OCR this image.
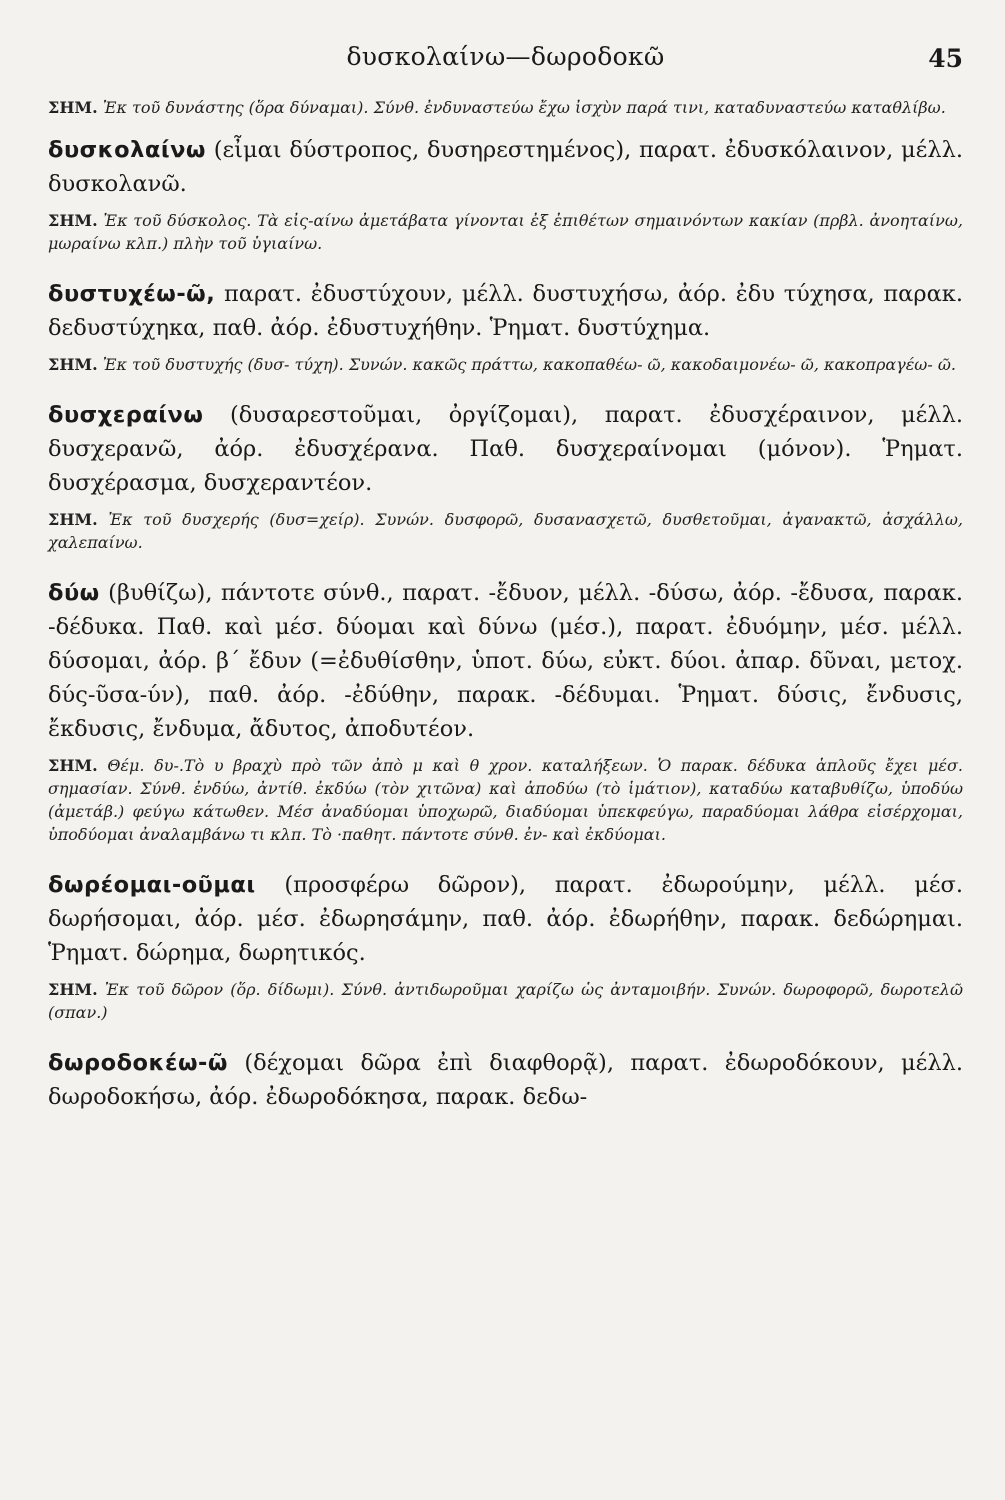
δυσκολαίνω—δωροδοκῶ	45

ΣΗΜ. Ἐκ τοῦ δυνάστης (ὅρα δύναμαι). Σύνθ. ἐνδυναστεύω ἔχω ἰσχὺν παρά τινι, καταδυναστεύω καταθλίβω.

δυσκολαίνω (εἶμαι δύστροπος, δυσηρεστημένος), παρατ. ἐδυσκόλαινον, μέλλ. δυσκολανῶ.

ΣΗΜ. Ἐκ τοῦ δύσκολος. Τὰ εἰς-αίνω ἀμετάβατα γίνονται ἐξ ἐπιθέτων σημαινόντων κακίαν (πρβλ. ἀνοηταίνω, μωραίνω κλπ.) πλὴν τοῦ ὑγιαίνω.

δυστυχέω-ῶ, παρατ. ἐδυστύχουν, μέλλ. δυστυχήσω, ἀόρ. ἐδυ τύχησα, παρακ. δεδυστύχηκα, παθ. ἀόρ. ἐδυστυχήθην. Ῥηματ. δυστύχημα.

ΣΗΜ. Ἐκ τοῦ δυστυχής (δυσ- τύχη). Συνών. κακῶς πράττω, κακοπαθέω- ῶ, κακοδαιμονέω- ῶ, κακοπραγέω- ῶ.

δυσχεραίνω (δυσαρεστοῦμαι, ὀργίζομαι), παρατ. ἐδυσχέραινον, μέλλ. δυσχερανῶ, ἀόρ. ἐδυσχέρανα. Παθ. δυσχεραίνομαι (μόνον). Ῥηματ. δυσχέρασμα, δυσχεραντέον.

ΣΗΜ. Ἐκ τοῦ δυσχερής (δυσ=χείρ). Συνών. δυσφορῶ, δυσανασχετῶ, δυσθετοῦμαι, ἀγανακτῶ, ἀσχάλλω, χαλεπαίνω.

δύω (βυθίζω), πάντοτε σύνθ., παρατ. -ἔδυον, μέλλ. -δύσω, ἀόρ. -ἔδυσα, παρακ. -δέδυκα. Παθ. καὶ μέσ. δύομαι καὶ δύνω (μέσ.), παρατ. ἐδυόμην, μέσ. μέλλ. δύσομαι, ἀόρ. β΄ ἔδυν (=ἐδυθίσθην, ὑποτ. δύω, εὐκτ. δύοι. ἀπαρ. δῦναι, μετοχ. δύς-ῦσα-ύν), παθ. ἀόρ. -ἐδύθην, παρακ. -δέδυμαι. Ῥηματ. δύσις, ἔνδυσις, ἔκδυσις, ἔνδυμα, ἄδυτος, ἀποδυτέον.

ΣΗΜ. Θέμ. δυ-.Τὸ υ βραχὺ πρὸ τῶν ἀπὸ μ καὶ θ χρον. καταλήξεων. Ὁ παρακ. δέδυκα ἁπλοῦς ἔχει μέσ. σημασίαν. Σύνθ. ἐνδύω, ἀντίθ. ἐκδύω (τὸν χιτῶνα) καὶ ἀποδύω (τὸ ἱμάτιον), καταδύω καταβυθίζω, ὑποδύω (ἀμετάβ.) φεύγω κάτωθεν. Μέσ ἀναδύομαι ὑποχωρῶ, διαδύομαι ὑπεκφεύγω, παραδύομαι λάθρα εἰσέρχομαι, ὑποδύομαι ἀναλαμβάνω τι κλπ. Τὸ ·παθητ. πάντοτε σύνθ. ἐν- καὶ ἐκδύομαι.

δωρέομαι-οῦμαι (προσφέρω δῶρον), παρατ. ἐδωρούμην, μέλλ. μέσ. δωρήσομαι, ἀόρ. μέσ. ἐδωρησάμην, παθ. ἀόρ. ἐδωρήθην, παρακ. δεδώρημαι. Ῥηματ. δώρημα, δωρητικός.

ΣΗΜ. Ἐκ τοῦ δῶρον (ὅρ. δίδωμι). Σύνθ. ἀντιδωροῦμαι χαρίζω ὡς ἀνταμοιβήν. Συνών. δωροφορῶ, δωροτελῶ (σπαν.)

δωροδοκέω-ῶ (δέχομαι δῶρα ἐπὶ διαφθορᾷ), παρατ. ἐδωροδόκουν, μέλλ. δωροδοκήσω, ἀόρ. ἐδωροδόκησα, παρακ. δεδω-
